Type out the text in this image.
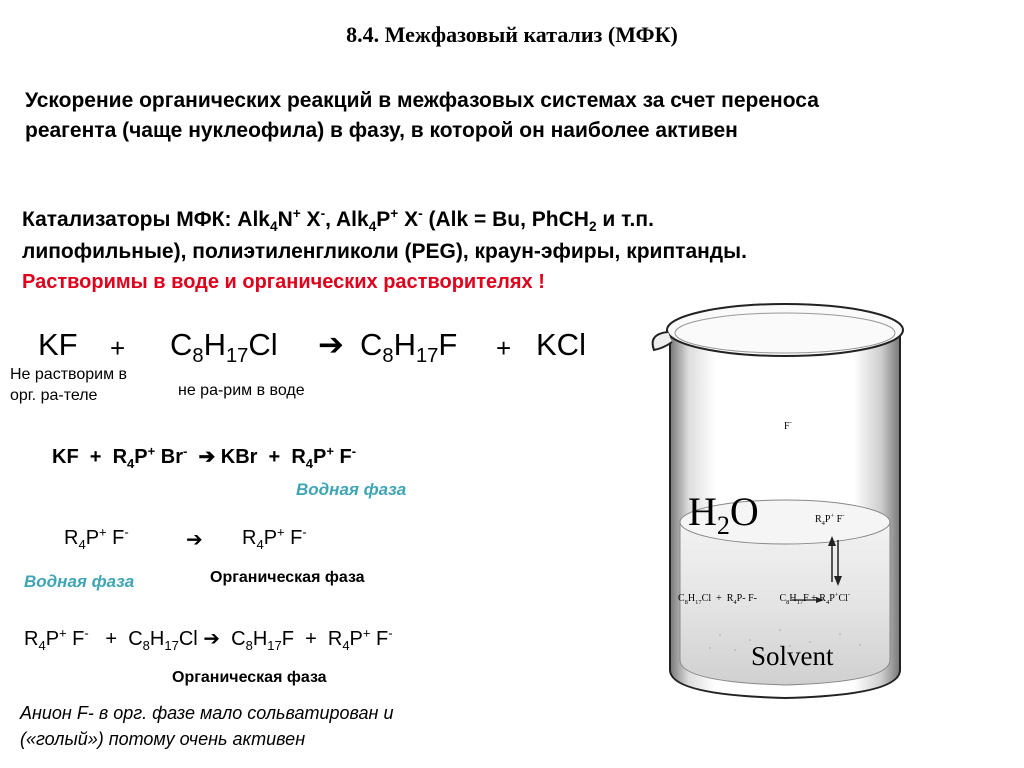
8.4. Межфазовый катализ (МФК)
Ускорение органических реакций в межфазовых системах за счет переноса реагента (чаще нуклеофила) в фазу, в которой он наиболее активен
Катализаторы МФК: Alk$_4$N+ X-, Alk$_4$P+ X- (Alk = Bu, PhCH$_2$ и т.п.
липофильные), полиэтиленгликоли (PEG), краун-эфиры, криптанды.
Растворимы в воде и органических растворителях !
KF + $C_8H_{17}Cl$ ➔ $C_8H_{17}F$ + KCl
Не растворим в
орг. ра-теле	не ра-рим в воде
KF  +  $R_4P^+$ Br-  ➔ KBr  +  $R_4P^+$ F-
Водная фаза
$R_4P^+$ F-	➔ $R_4P^+$ F-
Водная фаза	Органическая фаза
$R_4P^+$ $F^- + C_8H_{17}Cl$ ➔  $C_8H_{17}F + R_4P^+$ F-
Органическая фаза
Анион F- в орг. фазе мало сольватирован и
(«голый») потому очень активен
F-
$H_2O$	$R_4P^+$ F-
$C_8H_{17}Cl + R_4P-$ F-         $C_8H_{17}F + R_4P^+Cl^-$
Solvent
